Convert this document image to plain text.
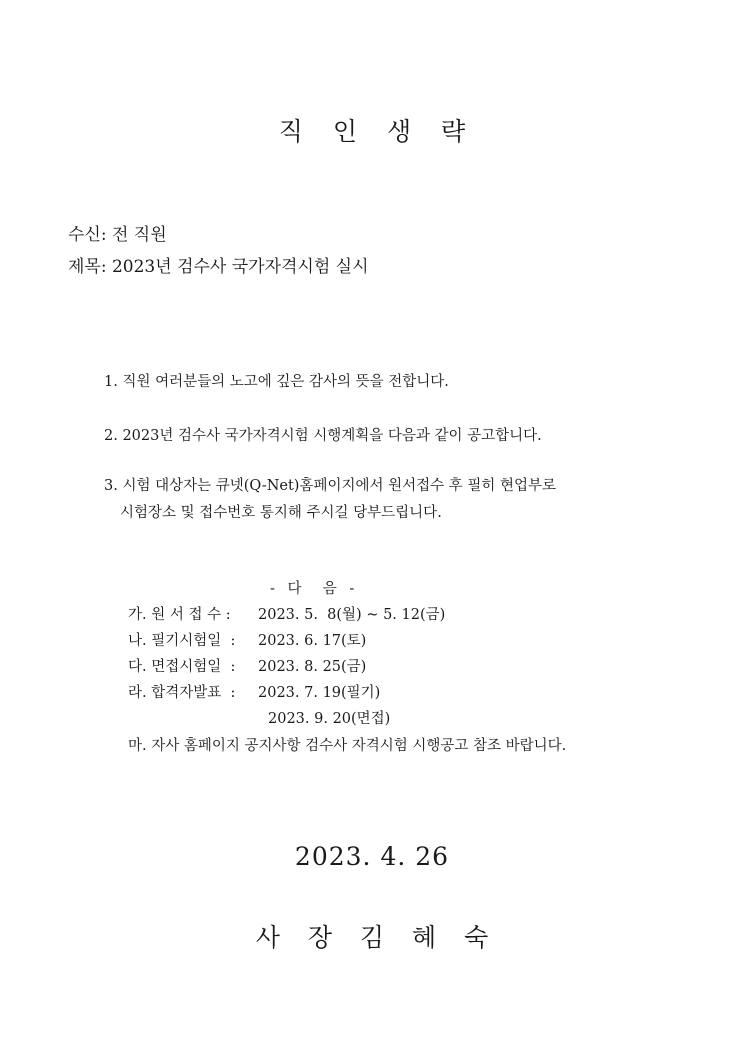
직 인 생 략
수신: 전 직원
제목: 2023년 검수사 국가자격시험 실시
1. 직원 여러분들의 노고에 깊은 감사의 뜻을 전합니다.
2. 2023년 검수사 국가자격시험 시행계획을 다음과 같이 공고합니다.
3. 시험 대상자는 큐넷(Q-Net)홈페이지에서 원서접수 후 필히 현업부로
시험장소 및 접수번호 통지해 주시길 당부드립니다.
- 다  음 -
가. 원 서 접 수 : 2023. 5.  8(월) ~ 5. 12(금)
나. 필기시험일  : 2023. 6. 17(토)
다. 면접시험일  : 2023. 8. 25(금)
라. 합격자발표  : 2023. 7. 19(필기)
2023. 9. 20(면접)
마. 자사 홈페이지 공지사항 검수사 자격시험 시행공고 참조 바랍니다.
2023. 4. 26
사 장 김 혜 숙
